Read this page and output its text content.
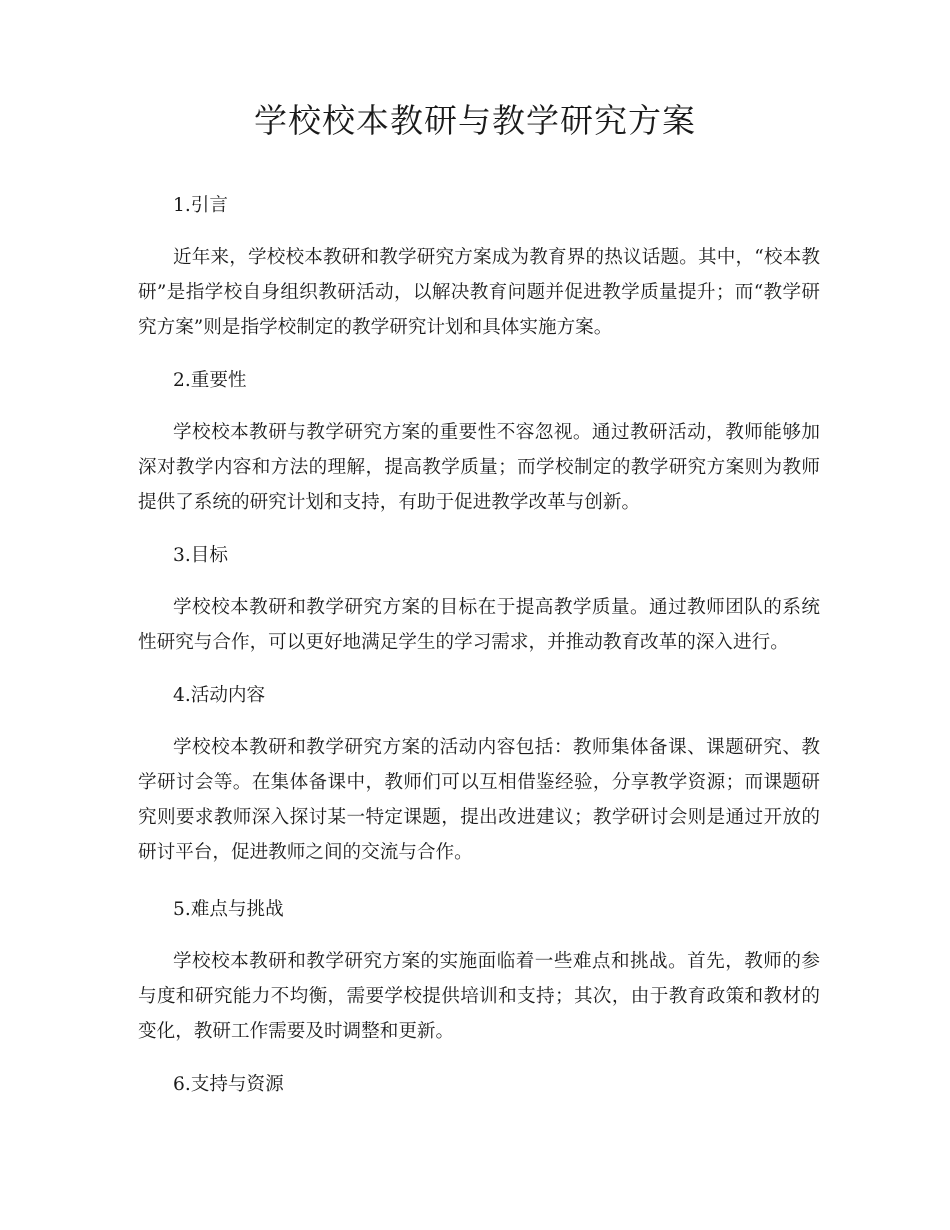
学校校本教研与教学研究方案

1.引言

近年来，学校校本教研和教学研究方案成为教育界的热议话题。其中，“校本教研”是指学校自身组织教研活动，以解决教育问题并促进教学质量提升；而“教学研究方案”则是指学校制定的教学研究计划和具体实施方案。

2.重要性

学校校本教研与教学研究方案的重要性不容忽视。通过教研活动，教师能够加深对教学内容和方法的理解，提高教学质量；而学校制定的教学研究方案则为教师提供了系统的研究计划和支持，有助于促进教学改革与创新。

3.目标

学校校本教研和教学研究方案的目标在于提高教学质量。通过教师团队的系统性研究与合作，可以更好地满足学生的学习需求，并推动教育改革的深入进行。

4.活动内容

学校校本教研和教学研究方案的活动内容包括：教师集体备课、课题研究、教学研讨会等。在集体备课中，教师们可以互相借鉴经验，分享教学资源；而课题研究则要求教师深入探讨某一特定课题，提出改进建议；教学研讨会则是通过开放的研讨平台，促进教师之间的交流与合作。

5.难点与挑战

学校校本教研和教学研究方案的实施面临着一些难点和挑战。首先，教师的参与度和研究能力不均衡，需要学校提供培训和支持；其次，由于教育政策和教材的变化，教研工作需要及时调整和更新。

6.支持与资源
